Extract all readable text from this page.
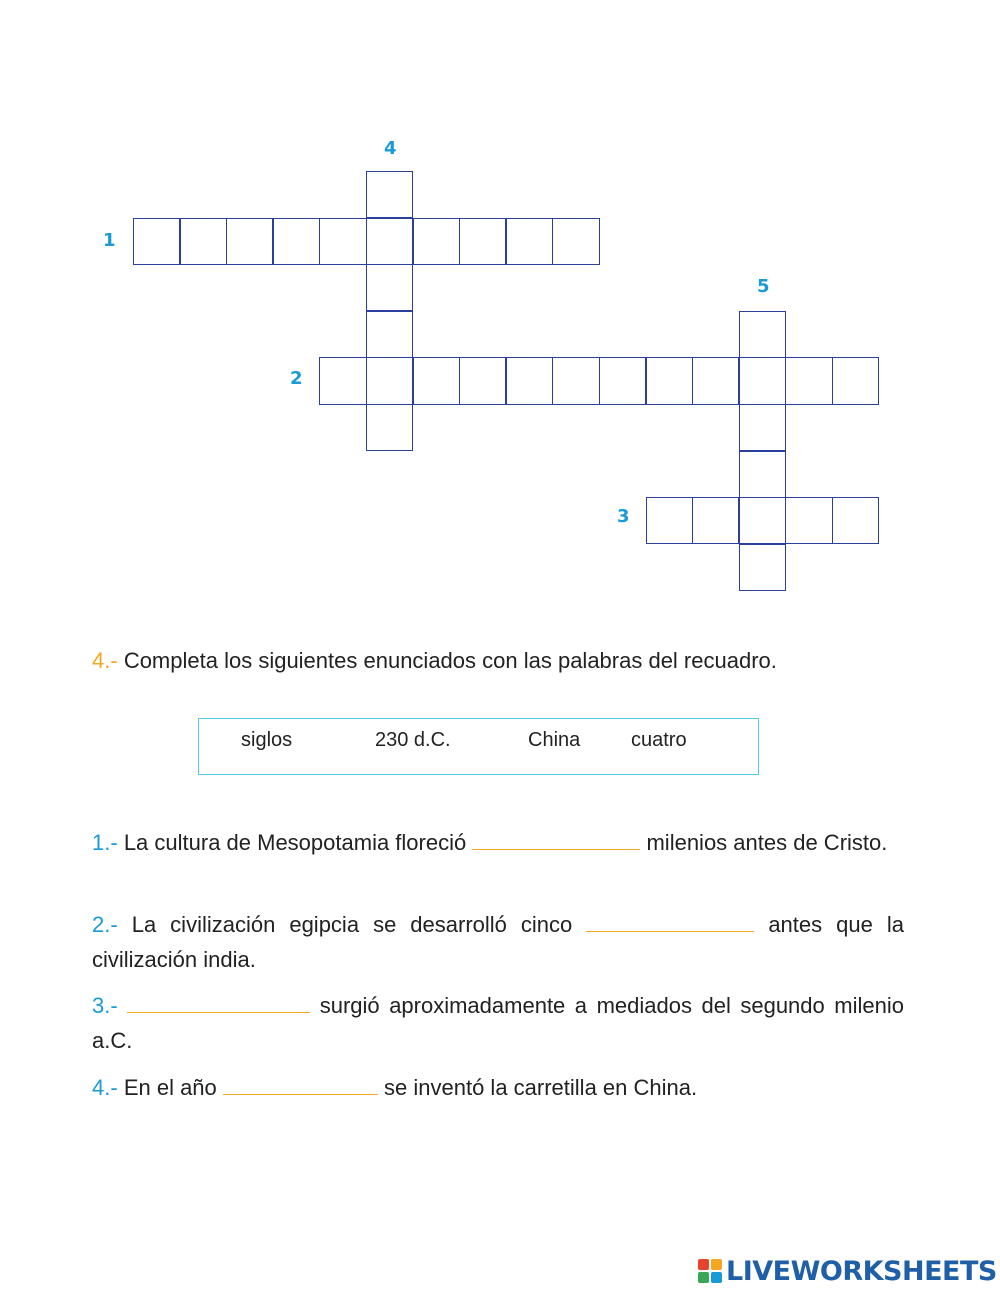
1
2
3
4
5
4.- Completa los siguientes enunciados con las palabras del recuadro.
siglos	230 d.C.	China	cuatro
1.- La cultura de Mesopotamia floreció	milenios antes de Cristo.
2.- La civilización egipcia se desarrolló cinco	antes que la civilización india.
3.-	surgió aproximadamente a mediados del segundo milenio a.C.
4.- En el año	se inventó la carretilla en China.
LIVEWORKSHEETS
